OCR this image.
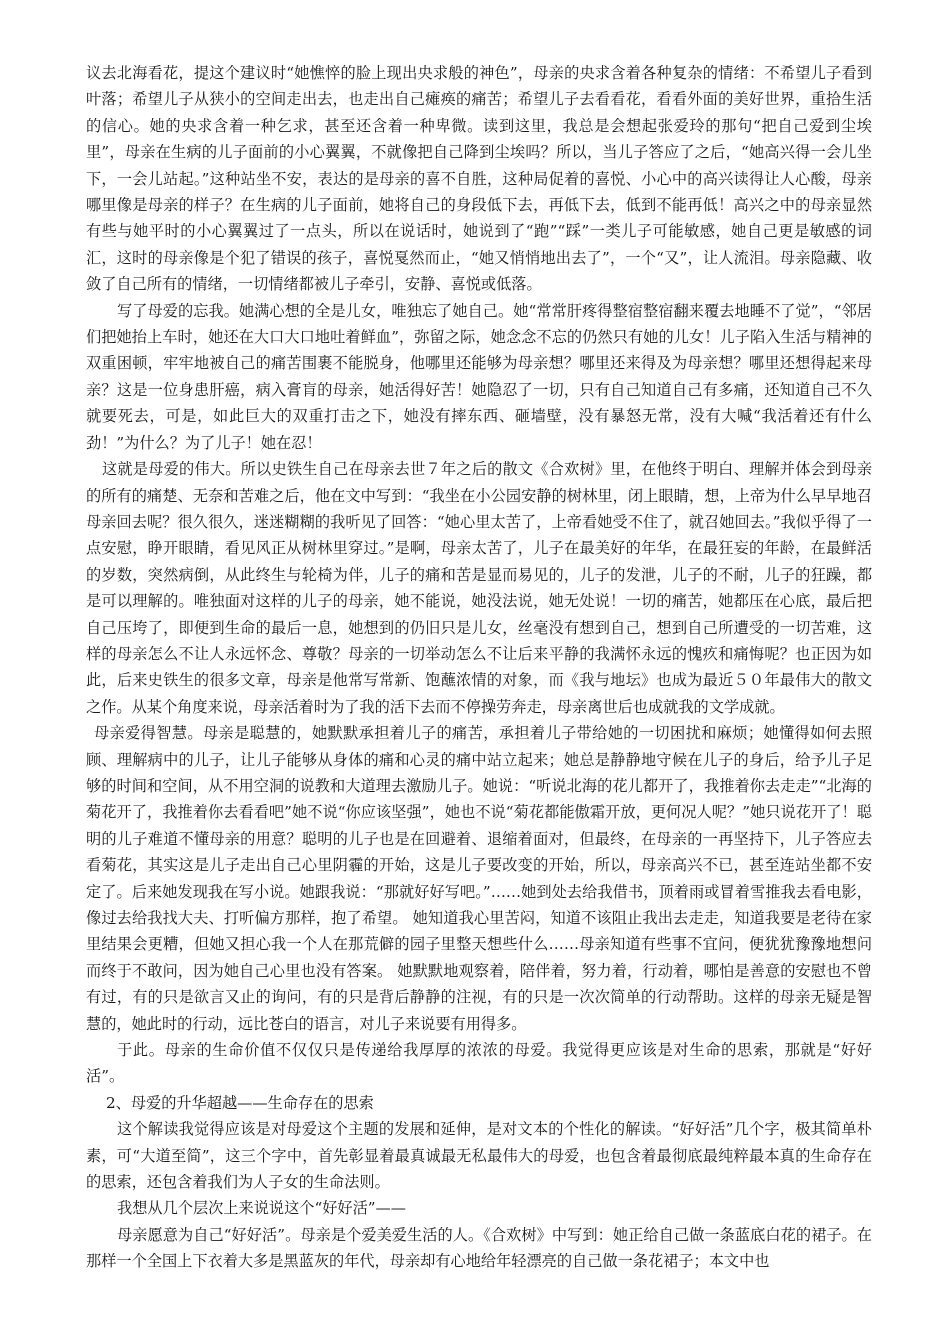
议去北海看花，提这个建议时“她憔悴的脸上现出央求般的神色”，母亲的央求含着各种复杂的情绪：不希望儿子看到叶落；希望儿子从狭小的空间走出去，也走出自己瘫痪的痛苦；希望儿子去看看花，看看外面的美好世界，重拾生活的信心。她的央求含着一种乞求，甚至还含着一种卑微。读到这里，我总是会想起张爱玲的那句“把自己爱到尘埃里”，母亲在生病的儿子面前的小心翼翼，不就像把自己降到尘埃吗？所以，当儿子答应了之后，“她高兴得一会儿坐下，一会儿站起。”这种站坐不安，表达的是母亲的喜不自胜，这种局促着的喜悦、小心中的高兴读得让人心酸，母亲哪里像是母亲的样子？在生病的儿子面前，她将自己的身段低下去，再低下去，低到不能再低！高兴之中的母亲显然有些与她平时的小心翼翼过了一点头，所以在说话时，她说到了“跑”“踩”一类儿子可能敏感，她自己更是敏感的词汇，这时的母亲像是个犯了错误的孩子，喜悦戛然而止，“她又悄悄地出去了”，一个“又”，让人流泪。母亲隐藏、收敛了自己所有的情绪，一切情绪都被儿子牵引，安静、喜悦或低落。

写了母爱的忘我。她满心想的全是儿女，唯独忘了她自己。她“常常肝疼得整宿整宿翻来覆去地睡不了觉”，“邻居们把她抬上车时，她还在大口大口地吐着鲜血”，弥留之际，她念念不忘的仍然只有她的儿女！儿子陷入生活与精神的双重困顿，牢牢地被自己的痛苦围裹不能脱身，他哪里还能够为母亲想？哪里还来得及为母亲想？哪里还想得起来母亲？这是一位身患肝癌，病入膏肓的母亲，她活得好苦！她隐忍了一切，只有自己知道自己有多痛，还知道自己不久就要死去，可是，如此巨大的双重打击之下，她没有摔东西、砸墙壁，没有暴怒无常，没有大喊“我活着还有什么劲！”为什么？为了儿子！她在忍！

这就是母爱的伟大。所以史铁生自己在母亲去世７年之后的散文《合欢树》里，在他终于明白、理解并体会到母亲的所有的痛楚、无奈和苦难之后，他在文中写到：“我坐在小公园安静的树林里，闭上眼睛，想，上帝为什么早早地召母亲回去呢？很久很久，迷迷糊糊的我听见了回答：“她心里太苦了，上帝看她受不住了，就召她回去。”我似乎得了一点安慰，睁开眼睛，看见风正从树林里穿过。”是啊，母亲太苦了，儿子在最美好的年华，在最狂妄的年龄，在最鲜活的岁数，突然病倒，从此终生与轮椅为伴，儿子的痛和苦是显而易见的，儿子的发泄，儿子的不耐，儿子的狂躁，都是可以理解的。唯独面对这样的儿子的母亲，她不能说，她没法说，她无处说！一切的痛苦，她都压在心底，最后把自己压垮了，即便到生命的最后一息，她想到的仍旧只是儿女，丝毫没有想到自己，想到自己所遭受的一切苦难，这样的母亲怎么不让人永远怀念、尊敬？母亲的一切举动怎么不让后来平静的我满怀永远的愧疚和痛悔呢？也正因为如此，后来史铁生的很多文章，母亲是他常写常新、饱蘸浓情的对象，而《我与地坛》也成为最近５０年最伟大的散文之作。从某个角度来说，母亲活着时为了我的活下去而不停操劳奔走，母亲离世后也成就我的文学成就。

母亲爱得智慧。母亲是聪慧的，她默默承担着儿子的痛苦，承担着儿子带给她的一切困扰和麻烦；她懂得如何去照顾、理解病中的儿子，让儿子能够从身体的痛和心灵的痛中站立起来；她总是静静地守候在儿子的身后，给予儿子足够的时间和空间，从不用空洞的说教和大道理去激励儿子。她说：“听说北海的花儿都开了，我推着你去走走”“北海的菊花开了，我推着你去看看吧”她不说“你应该坚强”，她也不说“菊花都能傲霜开放，更何况人呢？”她只说花开了！聪明的儿子难道不懂母亲的用意？聪明的儿子也是在回避着、退缩着面对，但最终，在母亲的一再坚持下，儿子答应去看菊花，其实这是儿子走出自己心里阴霾的开始，这是儿子要改变的开始，所以，母亲高兴不已，甚至连站坐都不安定了。后来她发现我在写小说。她跟我说：“那就好好写吧。”……她到处去给我借书，顶着雨或冒着雪推我去看电影，像过去给我找大夫、打听偏方那样，抱了希望。 她知道我心里苦闷，知道不该阻止我出去走走，知道我要是老待在家里结果会更糟，但她又担心我一个人在那荒僻的园子里整天想些什么……母亲知道有些事不宜问，便犹犹豫豫地想问而终于不敢问，因为她自己心里也没有答案。 她默默地观察着，陪伴着，努力着，行动着，哪怕是善意的安慰也不曾有过，有的只是欲言又止的询问，有的只是背后静静的注视，有的只是一次次简单的行动帮助。这样的母亲无疑是智慧的，她此时的行动，远比苍白的语言，对儿子来说要有用得多。

于此。母亲的生命价值不仅仅只是传递给我厚厚的浓浓的母爱。我觉得更应该是对生命的思索，那就是“好好活”。

2、母爱的升华超越——生命存在的思索

这个解读我觉得应该是对母爱这个主题的发展和延伸，是对文本的个性化的解读。“好好活”几个字，极其简单朴素，可“大道至简”，这三个字中，首先彰显着最真诚最无私最伟大的母爱，也包含着最彻底最纯粹最本真的生命存在的思索，还包含着我们为人子女的生命法则。

我想从几个层次上来说说这个“好好活”——

母亲愿意为自己“好好活”。母亲是个爱美爱生活的人。《合欢树》中写到：她正给自己做一条蓝底白花的裙子。在那样一个全国上下衣着大多是黑蓝灰的年代，母亲却有心地给年轻漂亮的自己做一条花裙子；本文中也
